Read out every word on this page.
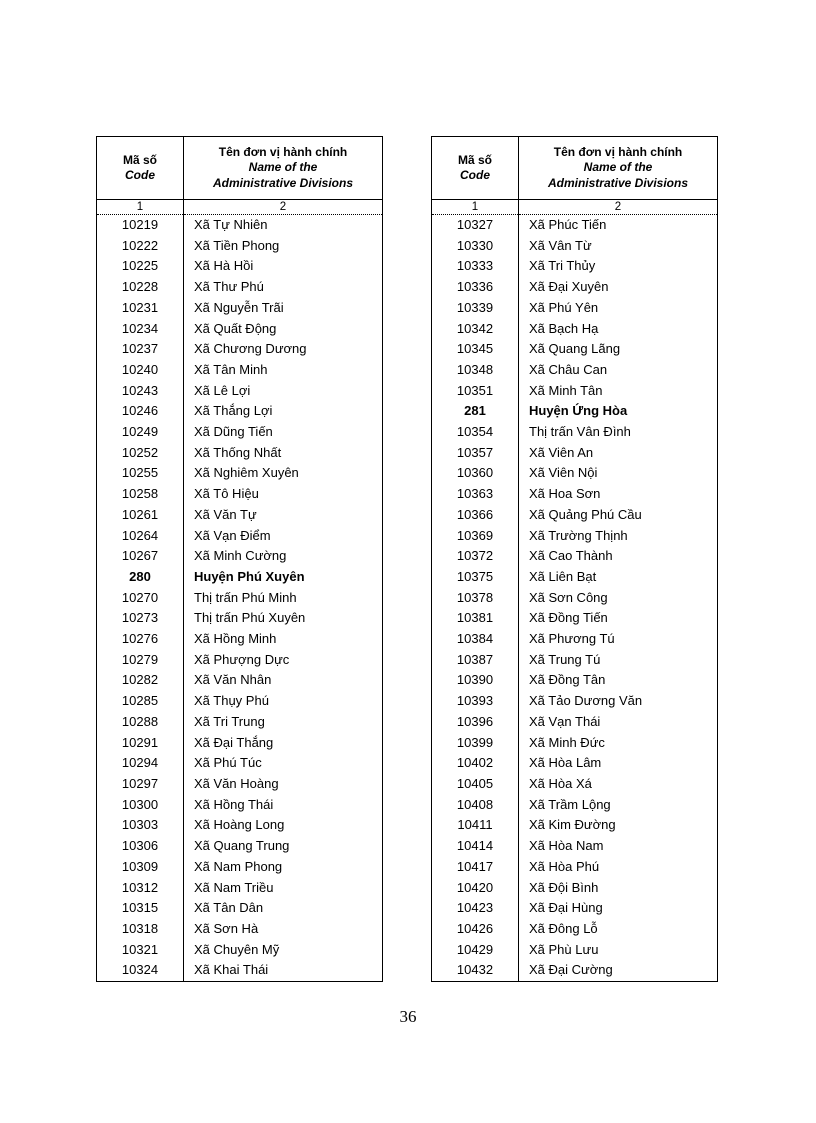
Mã số
Code	Tên đơn vị hành chính
Name of the
Administrative Divisions
1	2
10219	Xã Tự Nhiên
10222	Xã Tiền Phong
10225	Xã Hà Hồi
10228	Xã Thư Phú
10231	Xã Nguyễn Trãi
10234	Xã Quất Động
10237	Xã Chương Dương
10240	Xã Tân Minh
10243	Xã Lê Lợi
10246	Xã Thắng Lợi
10249	Xã Dũng Tiến
10252	Xã Thống Nhất
10255	Xã Nghiêm Xuyên
10258	Xã Tô Hiệu
10261	Xã Văn Tự
10264	Xã Vạn Điểm
10267	Xã Minh Cường
280	Huyện Phú Xuyên
10270	Thị trấn Phú Minh
10273	Thị trấn Phú Xuyên
10276	Xã Hồng Minh
10279	Xã Phượng Dực
10282	Xã Văn Nhân
10285	Xã Thụy Phú
10288	Xã Tri Trung
10291	Xã Đại Thắng
10294	Xã Phú Túc
10297	Xã Văn Hoàng
10300	Xã Hồng Thái
10303	Xã Hoàng Long
10306	Xã Quang Trung
10309	Xã Nam Phong
10312	Xã Nam Triều
10315	Xã Tân Dân
10318	Xã Sơn Hà
10321	Xã Chuyên Mỹ
10324	Xã Khai Thái
Mã số
Code	Tên đơn vị hành chính
Name of the
Administrative Divisions
1	2
10327	Xã Phúc Tiến
10330	Xã Vân Từ
10333	Xã Tri Thủy
10336	Xã Đại Xuyên
10339	Xã Phú Yên
10342	Xã Bạch Hạ
10345	Xã Quang Lãng
10348	Xã Châu Can
10351	Xã Minh Tân
281	Huyện Ứng Hòa
10354	Thị trấn Vân Đình
10357	Xã Viên An
10360	Xã Viên Nội
10363	Xã Hoa Sơn
10366	Xã Quảng Phú Cầu
10369	Xã Trường Thịnh
10372	Xã Cao Thành
10375	Xã Liên Bạt
10378	Xã Sơn Công
10381	Xã Đồng Tiến
10384	Xã Phương Tú
10387	Xã Trung Tú
10390	Xã Đồng Tân
10393	Xã Tảo Dương Văn
10396	Xã Vạn Thái
10399	Xã Minh Đức
10402	Xã Hòa Lâm
10405	Xã Hòa Xá
10408	Xã Trầm Lộng
10411	Xã Kim Đường
10414	Xã Hòa Nam
10417	Xã Hòa Phú
10420	Xã Đội Bình
10423	Xã Đại Hùng
10426	Xã Đông Lỗ
10429	Xã Phù Lưu
10432	Xã Đại Cường
36
